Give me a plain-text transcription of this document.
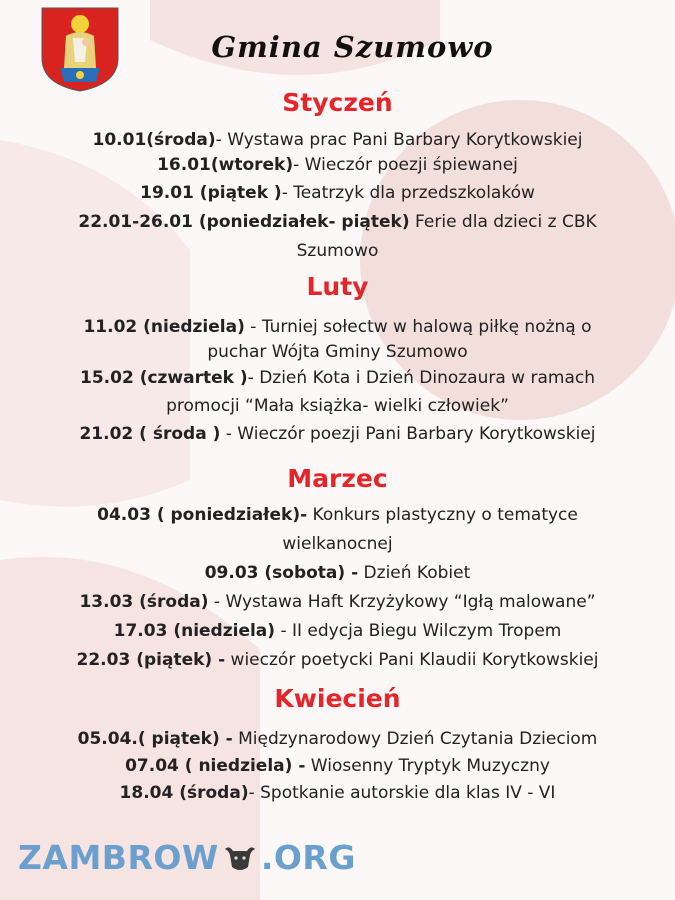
Gmina Szumowo
Styczeń
10.01(środa)- Wystawa prac Pani Barbary Korytkowskiej
16.01(wtorek)- Wieczór poezji śpiewanej
19.01 (piątek )- Teatrzyk dla przedszkolaków
22.01-26.01 (poniedziałek- piątek) Ferie dla dzieci z CBK
Szumowo
Luty
11.02 (niedziela) - Turniej sołectw w halową piłkę nożną o
puchar Wójta Gminy Szumowo
15.02 (czwartek )- Dzień Kota i Dzień Dinozaura w ramach
promocji “Mała książka- wielki człowiek”
21.02 ( środa ) - Wieczór poezji Pani Barbary Korytkowskiej
Marzec
04.03 ( poniedziałek)- Konkurs plastyczny o tematyce
wielkanocnej
09.03 (sobota) - Dzień Kobiet
13.03 (środa) - Wystawa Haft Krzyżykowy “Igłą malowane”
17.03 (niedziela) - II edycja Biegu Wilczym Tropem
22.03 (piątek) - wieczór poetycki Pani Klaudii Korytkowskiej
Kwiecień
05.04.( piątek) - Międzynarodowy Dzień Czytania Dzieciom
07.04 ( niedziela) - Wiosenny Tryptyk Muzyczny
18.04 (środa)- Spotkanie autorskie dla klas IV - VI
ZAMBROW .ORG
